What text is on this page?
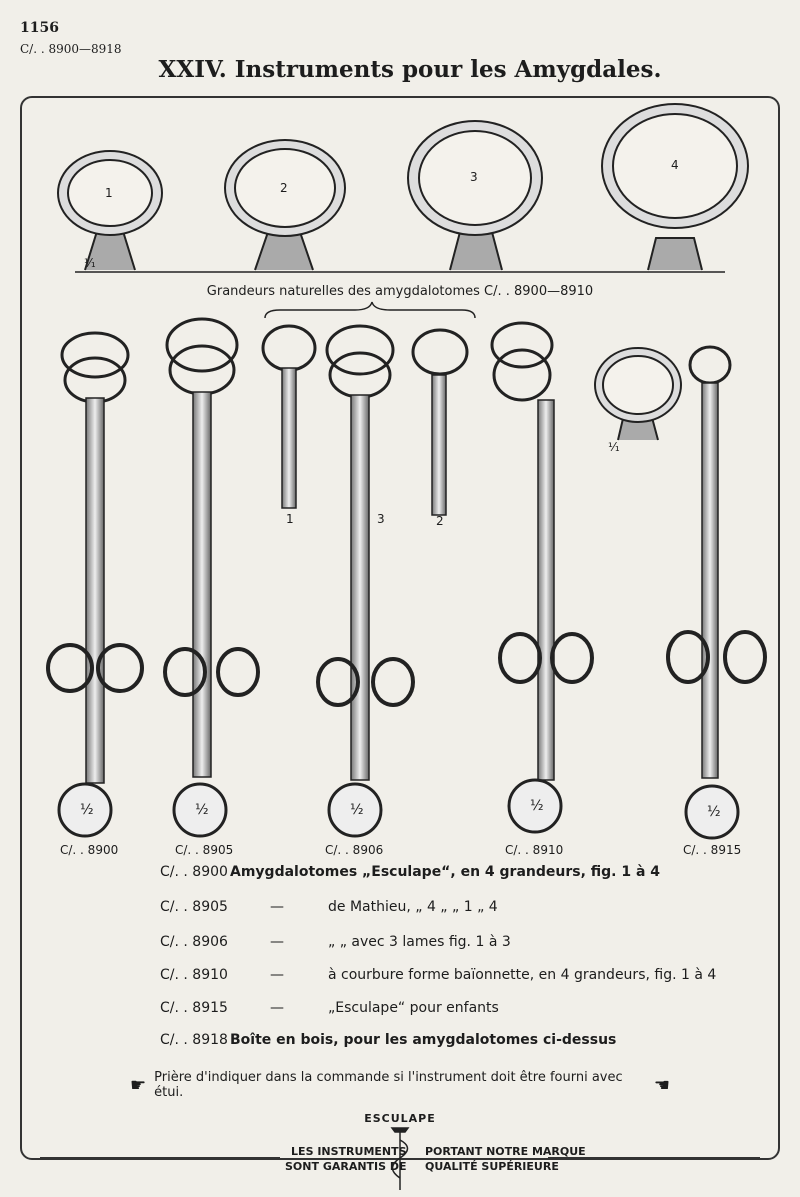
1156
C/. . 8900—8918
XXIV. Instruments pour les Amygdales.
1	2
3
4
¹⁄₁
Grandeurs naturelles des amygdalotomes C/. . 8900—8910
1	3	2
¹⁄₁
½	½	½	½	½
C/. . 8900	C/. . 8905	C/. . 8906	C/. . 8910	C/. . 8915
C/. . 8900 Amygdalotomes „Esculape“, en 4 grandeurs, fig. 1 à 4
C/. . 8905	—	de Mathieu, „ 4 „ „ 1 „ 4
C/. . 8906	—	„ „ avec 3 lames fig. 1 à 3
C/. . 8910	—	à courbure forme baïonnette, en 4 grandeurs, fig. 1 à 4
C/. . 8915	—	„Esculape“ pour enfants
C/. . 8918 Boîte en bois, pour les amygdalotomes ci-dessus
☛ Prière d'indiquer dans la commande si l'instrument doit être fourni avec étui.	☚
ESCULAPE
LES INSTRUMENTS
SONT GARANTIS DE
PORTANT NOTRE MARQUE
QUALITÉ SUPÉRIEURE
